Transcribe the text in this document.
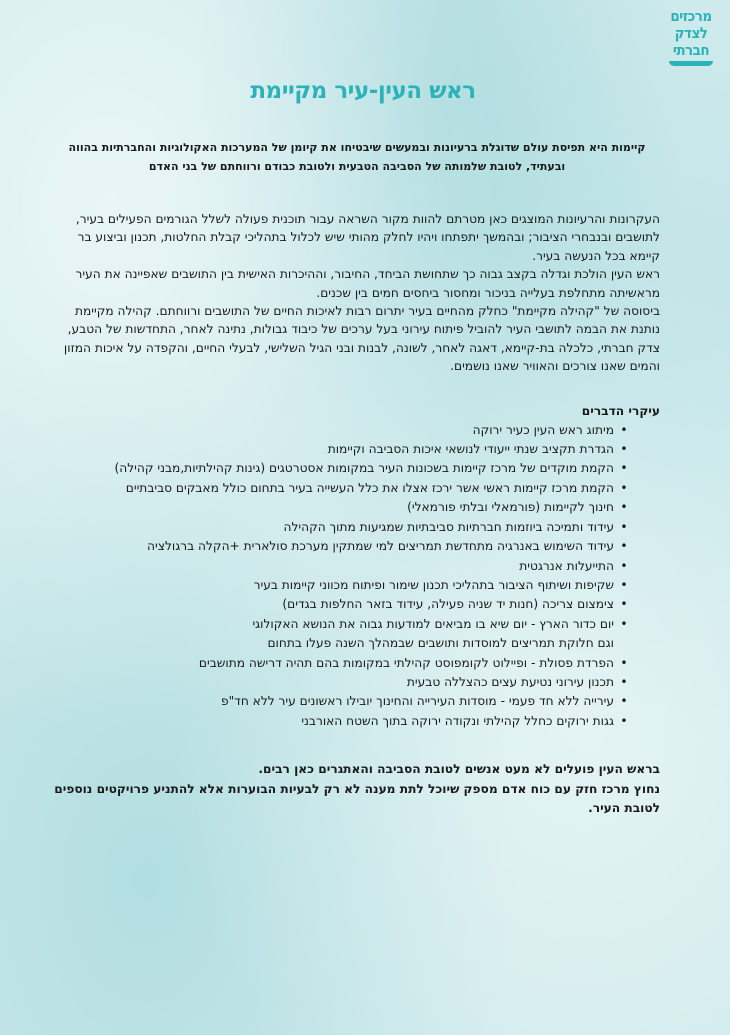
מרכזים
לצדק
חברתי
ראש העין-עיר מקיימת

קיימות היא תפיסת עולם שדוגלת ברעיונות ובמעשים שיבטיחו את קיומן של המערכות האקולוגיות והחברתיות בהווה ובעתיד, לטובת שלמותה של הסביבה הטבעית ולטובת כבודם ורווחתם של בני האדם

העקרונות והרעיונות המוצגים כאן מטרתם להוות מקור השראה עבור תוכנית פעולה לשלל הגורמים הפעילים בעיר, לתושבים ובנבחרי הציבור; ובהמשך יתפתחו ויהיו לחלק מהותי שיש לכלול בתהליכי קבלת החלטות, תכנון וביצוע בר קיימא בכל הנעשה בעיר.

ראש העין הולכת וגדלה בקצב גבוה כך שתחושת הביחד, החיבור, וההיכרות האישית בין התושבים שאפיינה את העיר מראשיתה מתחלפת בעלייה בניכור ומחסור ביחסים חמים בין שכנים.

ביסוסה של "קהילה מקיימת" כחלק מהחיים בעיר יתרום רבות לאיכות החיים של התושבים ורווחתם. קהילה מקיימת נותנת את הבמה לתושבי העיר להוביל פיתוח עירוני בעל ערכים של כיבוד גבולות, נתינה לאחר, התחדשות של הטבע, צדק חברתי, כלכלה בת-קיימא, דאגה לאחר, לשונה, לבנות ובני הגיל השלישי, לבעלי החיים, והקפדה על איכות המזון והמים שאנו צורכים והאוויר שאנו נושמים.

עיקרי הדברים
•
מיתוג ראש העין כעיר ירוקה
•
הגדרת תקציב שנתי ייעודי לנושאי איכות הסביבה וקיימות
•
הקמת מוקדים של מרכז קיימות בשכונות העיר במקומות אסטרטגים (גינות קהילתיות,מבני קהילה)
•
הקמת מרכז קיימות ראשי אשר ירכז אצלו את כלל העשייה בעיר בתחום כולל מאבקים סביבתיים
•
חינוך לקיימות (פורמאלי ובלתי פורמאלי)
•
עידוד ותמיכה ביוזמות חברתיות סביבתיות שמגיעות מתוך הקהילה
•
עידוד השימוש באנרגיה מתחדשת תמריצים למי שמתקין מערכת סולארית +הקלה ברגולציה
•
התייעלות אנרגטית
•
שקיפות ושיתוף הציבור בתהליכי תכנון שימור ופיתוח מכווני קיימות בעיר
•
צימצום צריכה (חנות יד שניה פעילה, עידוד בזאר החלפות בגדים)
•
יום כדור הארץ - יום שיא בו מביאים למודעות גבוה את הנושא האקולוגי
וגם חלוקת תמריצים למוסדות ותושבים שבמהלך השנה פעלו בתחום
•
הפרדת פסולת - ופיילוט לקומפוסט קהילתי במקומות בהם תהיה דרישה מתושבים
•
תכנון עירוני נטיעת עצים כהצללה טבעית
•
עירייה ללא חד פעמי - מוסדות העירייה והחינוך יובילו ראשונים עיר ללא חד"פ
•
גגות ירוקים כחלל קהילתי ונקודה ירוקה בתוך השטח האורבני

בראש העין פועלים לא מעט אנשים לטובת הסביבה והאתגרים כאן רבים.

נחוץ מרכז חזק עם כוח אדם מספק שיוכל לתת מענה לא רק לבעיות הבוערות אלא להתניע פרויקטים נוספים לטובת העיר.
